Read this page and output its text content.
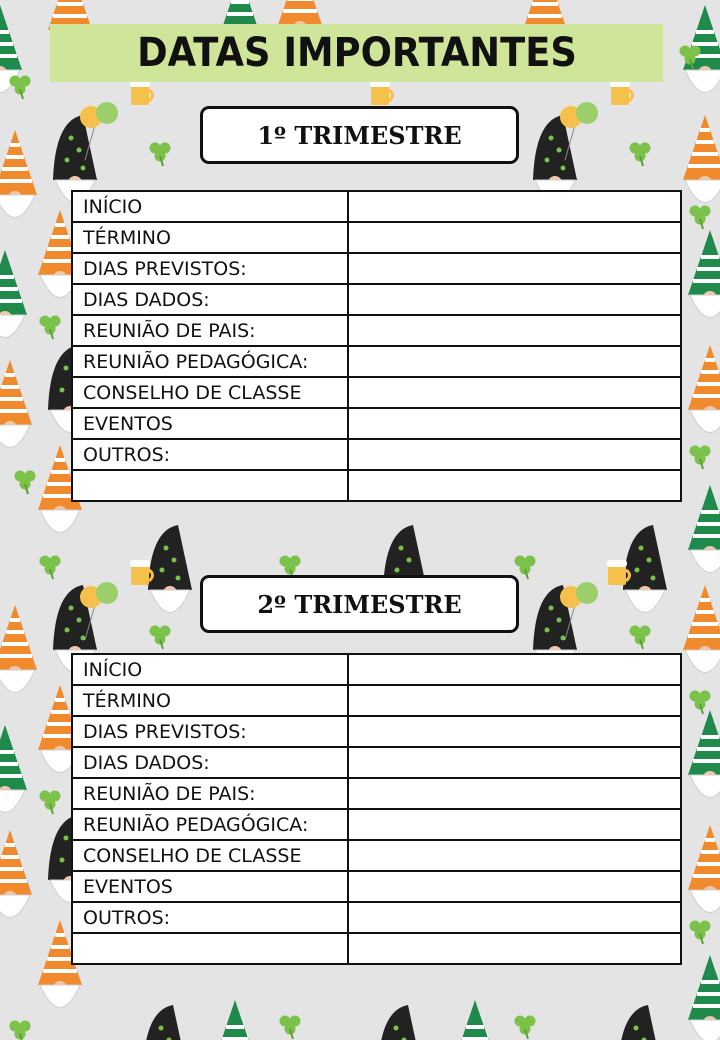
DATAS IMPORTANTES
1º TRIMESTRE
INÍCIO	
TÉRMINO	
DIAS PREVISTOS:	
DIAS DADOS:	
REUNIÃO DE PAIS:	
REUNIÃO PEDAGÓGICA:	
CONSELHO DE CLASSE	
EVENTOS	
OUTROS:	

2º TRIMESTRE
INÍCIO	
TÉRMINO	
DIAS PREVISTOS:	
DIAS DADOS:	
REUNIÃO DE PAIS:	
REUNIÃO PEDAGÓGICA:	
CONSELHO DE CLASSE	
EVENTOS	
OUTROS:	
